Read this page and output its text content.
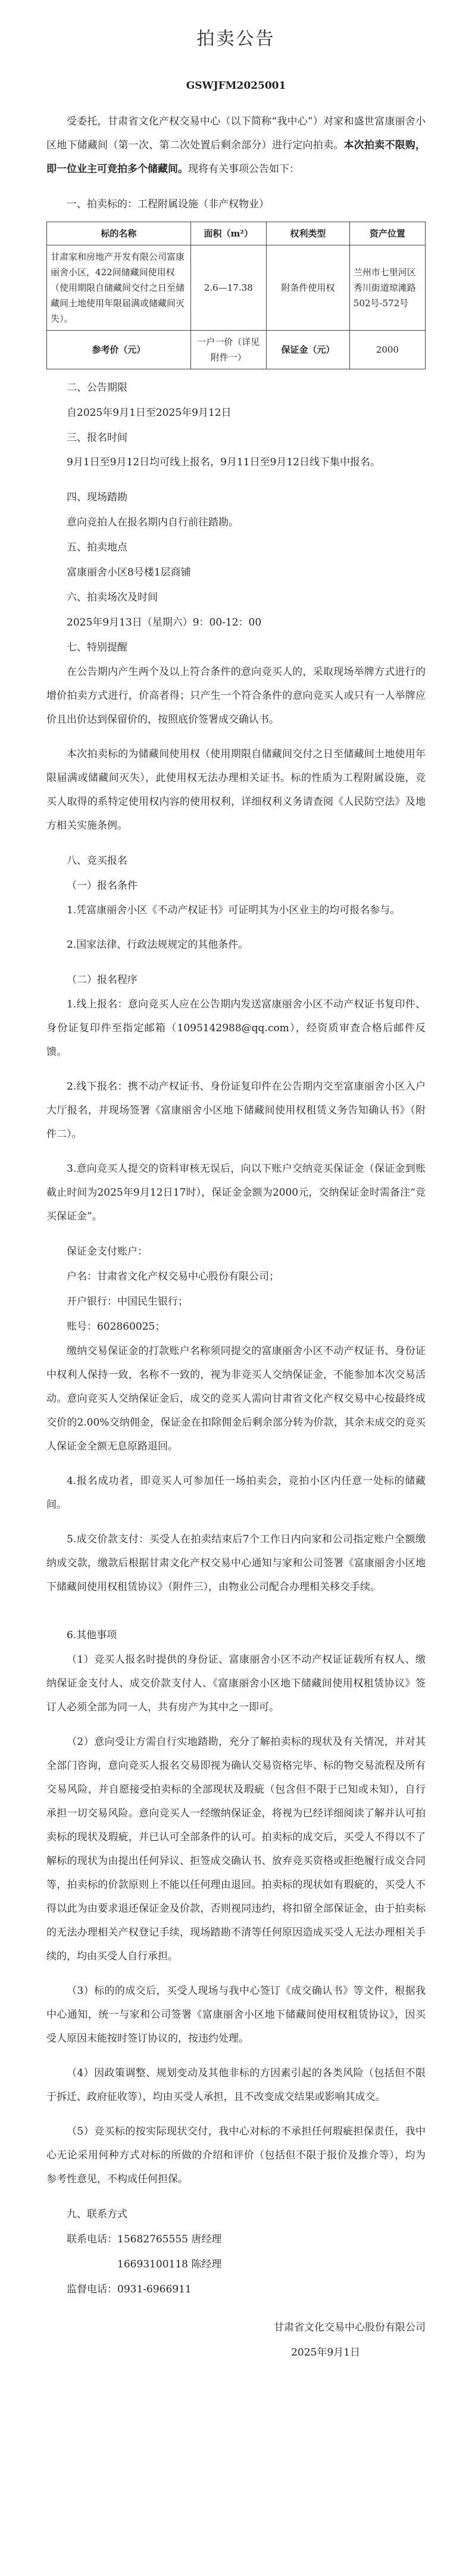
拍卖公告
GSWJFM2025001

受委托，甘肃省文化产权交易中心（以下简称“我中心”）对家和盛世富康丽舍小区地下储藏间（第一次、第二次处置后剩余部分）进行定向拍卖。本次拍卖不限购，即一位业主可竞拍多个储藏间。现将有关事项公告如下：

一、拍卖标的：工程附属设施（非产权物业）
标的名称	面积（m²）	权利类型	资产位置
甘肃家和房地产开发有限公司富康丽舍小区，422间储藏间使用权（使用期限自储藏间交付之日至储藏间土地使用年限届满或储藏间灭失）。	2.6—17.38	附条件使用权	兰州市七里河区秀川街道琼滩路502号-572号
参考价（元）	一户一价（详见附件一）	保证金（元）	2000
二、公告期限
自2025年9月1日至2025年9月12日
三、报名时间

9月1日至9月12日均可线上报名，9月11日至9月12日线下集中报名。

四、现场踏勘
意向竞拍人在报名期内自行前往踏勘。
五、拍卖地点
富康丽舍小区8号楼1层商铺
六、拍卖场次及时间
2025年9月13日（星期六）9：00-12：00
七、特别提醒

在公告期内产生两个及以上符合条件的意向竞买人的，采取现场举牌方式进行的增价拍卖方式进行，价高者得；只产生一个符合条件的意向竞买人或只有一人举牌应价且出价达到保留价的，按照底价签署成交确认书。

本次拍卖标的为储藏间使用权（使用期限自储藏间交付之日至储藏间土地使用年限届满或储藏间灭失），此使用权无法办理相关证书。标的性质为工程附属设施，竞买人取得的系特定使用权内容的使用权利，详细权利义务请查阅《人民防空法》及地方相关实施条例。

八、竞买报名
（一）报名条件

1.凭富康丽舍小区《不动产权证书》可证明其为小区业主的均可报名参与。

2.国家法律、行政法规规定的其他条件。

（二）报名程序

1.线上报名：意向竞买人应在公告期内发送富康丽舍小区不动产权证书复印件、身份证复印件至指定邮箱（1095142988@qq.com），经资质审查合格后邮件反馈。

2.线下报名：携不动产权证书、身份证复印件在公告期内交至富康丽舍小区入户大厅报名，并现场签署《富康丽舍小区地下储藏间使用权租赁义务告知确认书》（附件二）。

3.意向竞买人提交的资料审核无误后，向以下账户交纳竞买保证金（保证金到账截止时间为2025年9月12日17时），保证金金额为2000元，交纳保证金时需备注“竞买保证金”。

保证金支付账户：
户名：甘肃省文化产权交易中心股份有限公司；
开户银行：中国民生银行；
账号：602860025；

缴纳交易保证金的打款账户名称须同提交的富康丽舍小区不动产权证书、身份证中权利人保持一致，名称不一致的，视为非竞买人交纳保证金，不能参加本次交易活动。意向竞买人交纳保证金后，成交的竞买人需向甘肃省文化产权交易中心按最终成交价的2.00%交纳佣金，保证金在扣除佣金后剩余部分转为价款，其余未成交的竞买人保证金全额无息原路退回。

4.报名成功者，即竞买人可参加任一场拍卖会，竞拍小区内任意一处标的储藏间。

5.成交价款支付：买受人在拍卖结束后7个工作日内向家和公司指定账户全额缴纳成交款，缴款后根据甘肃文化产权交易中心通知与家和公司签署《富康丽舍小区地下储藏间使用权租赁协议》（附件三），由物业公司配合办理相关移交手续。

6.其他事项

（1）竞买人报名时提供的身份证、富康丽舍小区不动产权证证载所有权人、缴纳保证金支付人、成交价款支付人、《富康丽舍小区地下储藏间使用权租赁协议》签订人必须全部为同一人，共有房产为其中之一即可。

（2）意向受让方需自行实地踏勘，充分了解拍卖标的现状及有关情况，并对其全部门咨询，意向竞买人报名交易即视为确认交易资格完毕、标的物交易流程及所有交易风险，并自愿接受拍卖标的全部现状及瑕疵（包含但不限于已知或未知），自行承担一切交易风险。意向竞买人一经缴纳保证金，将视为已经详细阅读了解并认可拍卖标的现状及瑕疵，并已认可全部条件的认可。拍卖标的成交后，买受人不得以不了解标的现状为由提出任何异议、拒签成交确认书、放弃竞买资格或拒绝履行成交合同等，拍卖标的价款原则上不能以任何理由退回。拍卖标的现状如有瑕疵的，买受人不得以此为由要求退还保证金及价款，否则视同违约，将扣留全部保证金，由于拍卖标的无法办理相关产权登记手续，现场踏勘不清等任何原因造成买受人无法办理相关手续的，均由买受人自行承担。

（3）标的的成交后，买受人现场与我中心签订《成交确认书》等文件，根据我中心通知，统一与家和公司签署《富康丽舍小区地下储藏间使用权租赁协议》，因买受人原因未能按时签订协议的，按违约处理。

（4）因政策调整、规划变动及其他非标的方因素引起的各类风险（包括但不限于拆迁、政府征收等），均由买受人承担，且不改变成交结果或影响其成交。

（5）竞买标的按实际现状交付，我中心对标的不承担任何瑕疵担保责任，我中心无论采用何种方式对标的所做的介绍和评价（包括但不限于报价及推介等），均为参考性意见，不构成任何担保。

九、联系方式
联系电话：15682765555 唐经理
16693100118 陈经理
监督电话：0931-6966911
甘肃省文化交易中心股份有限公司
2025年9月1日
